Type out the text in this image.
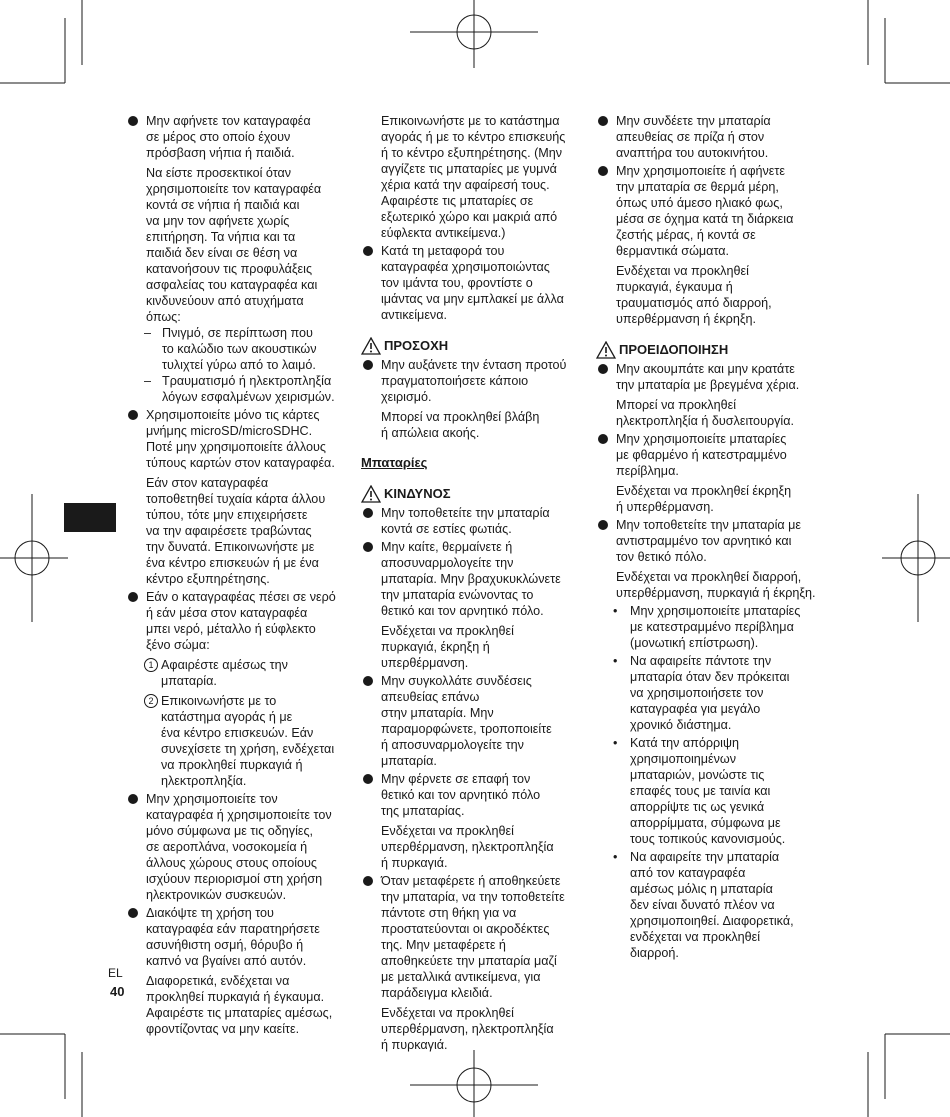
EL
40
Μην αφήνετε τον καταγραφέα
σε μέρος στο οποίο έχουν
πρόσβαση νήπια ή παιδιά.
Να είστε προσεκτικοί όταν
χρησιμοποιείτε τον καταγραφέα
κοντά σε νήπια ή παιδιά και
να μην τον αφήνετε χωρίς
επιτήρηση. Τα νήπια και τα
παιδιά δεν είναι σε θέση να
κατανοήσουν τις προφυλάξεις
ασφαλείας του καταγραφέα και
κινδυνεύουν από ατυχήματα
όπως:
– Πνιγμό, σε περίπτωση που
το καλώδιο των ακουστικών
τυλιχτεί γύρω από το λαιμό.
– Τραυματισμό ή ηλεκτροπληξία
λόγων εσφαλμένων χειρισμών.
Χρησιμοποιείτε μόνο τις κάρτες
μνήμης microSD/microSDHC.
Ποτέ μην χρησιμοποιείτε άλλους
τύπους καρτών στον καταγραφέα.
Εάν στον καταγραφέα
τοποθετηθεί τυχαία κάρτα άλλου
τύπου, τότε μην επιχειρήσετε
να την αφαιρέσετε τραβώντας
την δυνατά. Επικοινωνήστε με
ένα κέντρο επισκευών ή με ένα
κέντρο εξυπηρέτησης.
Εάν ο καταγραφέας πέσει σε νερό
ή εάν μέσα στον καταγραφέα
μπει νερό, μέταλλο ή εύφλεκτο
ξένο σώμα:
1 Αφαιρέστε αμέσως την
μπαταρία.
2 Επικοινωνήστε με το
κατάστημα αγοράς ή με
ένα κέντρο επισκευών. Εάν
συνεχίσετε τη χρήση, ενδέχεται
να προκληθεί πυρκαγιά ή
ηλεκτροπληξία.
Μην χρησιμοποιείτε τον
καταγραφέα ή χρησιμοποιείτε τον
μόνο σύμφωνα με τις οδηγίες,
σε αεροπλάνα, νοσοκομεία ή
άλλους χώρους στους οποίους
ισχύουν περιορισμοί στη χρήση
ηλεκτρονικών συσκευών.
Διακόψτε τη χρήση του
καταγραφέα εάν παρατηρήσετε
ασυνήθιστη οσμή, θόρυβο ή
καπνό να βγαίνει από αυτόν.
Διαφορετικά, ενδέχεται να
προκληθεί πυρκαγιά ή έγκαυμα.
Αφαιρέστε τις μπαταρίες αμέσως,
φροντίζοντας να μην καείτε.
Επικοινωνήστε με το κατάστημα
αγοράς ή με το κέντρο επισκευής
ή το κέντρο εξυπηρέτησης. (Μην
αγγίζετε τις μπαταρίες με γυμνά
χέρια κατά την αφαίρεσή τους.
Αφαιρέστε τις μπαταρίες σε
εξωτερικό χώρο και μακριά από
εύφλεκτα αντικείμενα.)
Κατά τη μεταφορά του
καταγραφέα χρησιμοποιώντας
τον ιμάντα του, φροντίστε ο
ιμάντας να μην εμπλακεί με άλλα
αντικείμενα.
ΠΡΟΣΟΧΗ
Μην αυξάνετε την ένταση προτού
πραγματοποιήσετε κάποιο
χειρισμό.
Μπορεί να προκληθεί βλάβη
ή απώλεια ακοής.
Μπαταρίες
ΚΙΝΔΥΝΟΣ
Μην τοποθετείτε την μπαταρία
κοντά σε εστίες φωτιάς.
Μην καίτε, θερμαίνετε ή
αποσυναρμολογείτε την
μπαταρία. Μην βραχυκυκλώνετε
την μπαταρία ενώνοντας το
θετικό και τον αρνητικό πόλο.
Ενδέχεται να προκληθεί
πυρκαγιά, έκρηξη ή
υπερθέρμανση.
Μην συγκολλάτε συνδέσεις
απευθείας επάνω
στην μπαταρία. Μην
παραμορφώνετε, τροποποιείτε
ή αποσυναρμολογείτε την
μπαταρία.
Μην φέρνετε σε επαφή τον
θετικό και τον αρνητικό πόλο
της μπαταρίας.
Ενδέχεται να προκληθεί
υπερθέρμανση, ηλεκτροπληξία
ή πυρκαγιά.
Όταν μεταφέρετε ή αποθηκεύετε
την μπαταρία, να την τοποθετείτε
πάντοτε στη θήκη για να
προστατεύονται οι ακροδέκτες
της. Μην μεταφέρετε ή
αποθηκεύετε την μπαταρία μαζί
με μεταλλικά αντικείμενα, για
παράδειγμα κλειδιά.
Ενδέχεται να προκληθεί
υπερθέρμανση, ηλεκτροπληξία
ή πυρκαγιά.
Μην συνδέετε την μπαταρία
απευθείας σε πρίζα ή στον
αναπτήρα του αυτοκινήτου.
Μην χρησιμοποιείτε ή αφήνετε
την μπαταρία σε θερμά μέρη,
όπως υπό άμεσο ηλιακό φως,
μέσα σε όχημα κατά τη διάρκεια
ζεστής μέρας, ή κοντά σε
θερμαντικά σώματα.
Ενδέχεται να προκληθεί
πυρκαγιά, έγκαυμα ή
τραυματισμός από διαρροή,
υπερθέρμανση ή έκρηξη.
ΠΡΟΕΙΔΟΠΟΙΗΣΗ
Μην ακουμπάτε και μην κρατάτε
την μπαταρία με βρεγμένα χέρια.
Μπορεί να προκληθεί
ηλεκτροπληξία ή δυσλειτουργία.
Μην χρησιμοποιείτε μπαταρίες
με φθαρμένο ή κατεστραμμένο
περίβλημα.
Ενδέχεται να προκληθεί έκρηξη
ή υπερθέρμανση.
Μην τοποθετείτε την μπαταρία με
αντιστραμμένο τον αρνητικό και
τον θετικό πόλο.
Ενδέχεται να προκληθεί διαρροή,
υπερθέρμανση, πυρκαγιά ή έκρηξη.
• Μην χρησιμοποιείτε μπαταρίες
με κατεστραμμένο περίβλημα
(μονωτική επίστρωση).
• Να αφαιρείτε πάντοτε την
μπαταρία όταν δεν πρόκειται
να χρησιμοποιήσετε τον
καταγραφέα για μεγάλο
χρονικό διάστημα.
• Κατά την απόρριψη
χρησιμοποιημένων
μπαταριών, μονώστε τις
επαφές τους με ταινία και
απορρίψτε τις ως γενικά
απορρίμματα, σύμφωνα με
τους τοπικούς κανονισμούς.
• Να αφαιρείτε την μπαταρία
από τον καταγραφέα
αμέσως μόλις η μπαταρία
δεν είναι δυνατό πλέον να
χρησιμοποιηθεί. Διαφορετικά,
ενδέχεται να προκληθεί
διαρροή.
